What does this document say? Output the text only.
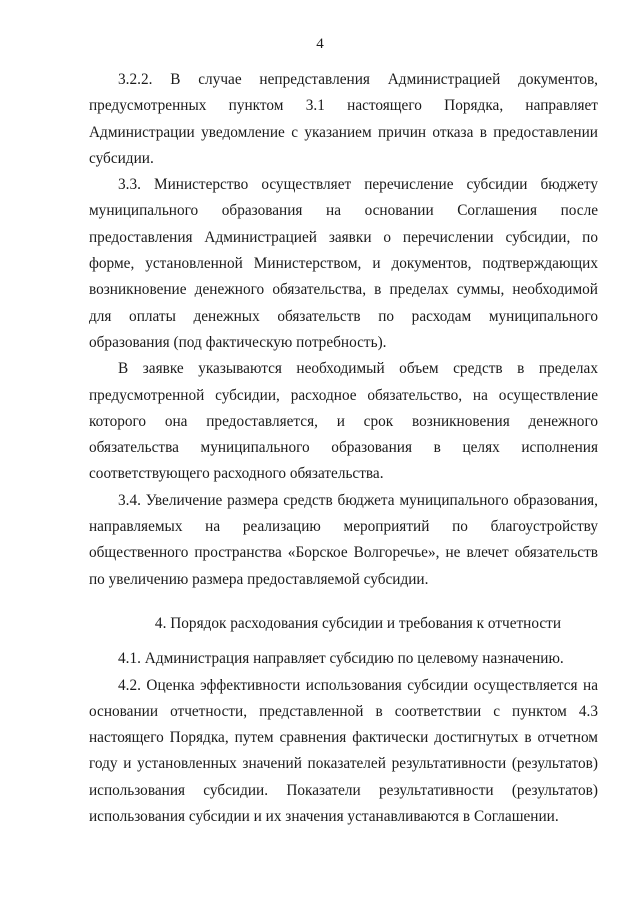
4

3.2.2. В случае непредставления Администрацией документов, предусмотренных пунктом 3.1 настоящего Порядка, направляет Администрации уведомление с указанием причин отказа в предоставлении субсидии.

3.3. Министерство осуществляет перечисление субсидии бюджету муниципального образования на основании Соглашения после предоставления Администрацией заявки о перечислении субсидии, по форме, установленной Министерством, и документов, подтверждающих возникновение денежного обязательства, в пределах суммы, необходимой для оплаты денежных обязательств по расходам муниципального образования (под фактическую потребность).

В заявке указываются необходимый объем средств в пределах предусмотренной субсидии, расходное обязательство, на осуществление которого она предоставляется, и срок возникновения денежного обязательства муниципального образования в целях исполнения соответствующего расходного обязательства.

3.4. Увеличение размера средств бюджета муниципального образования, направляемых на реализацию мероприятий по благоустройству общественного пространства «Борское Волгоречье», не влечет обязательств по увеличению размера предоставляемой субсидии.

4. Порядок расходования субсидии и требования к отчетности

4.1. Администрация направляет субсидию по целевому назначению.

4.2. Оценка эффективности использования субсидии осуществляется на основании отчетности, представленной в соответствии с пунктом 4.3 настоящего Порядка, путем сравнения фактически достигнутых в отчетном году и установленных значений показателей результативности (результатов) использования субсидии. Показатели результативности (результатов) использования субсидии и их значения устанавливаются в Соглашении.
